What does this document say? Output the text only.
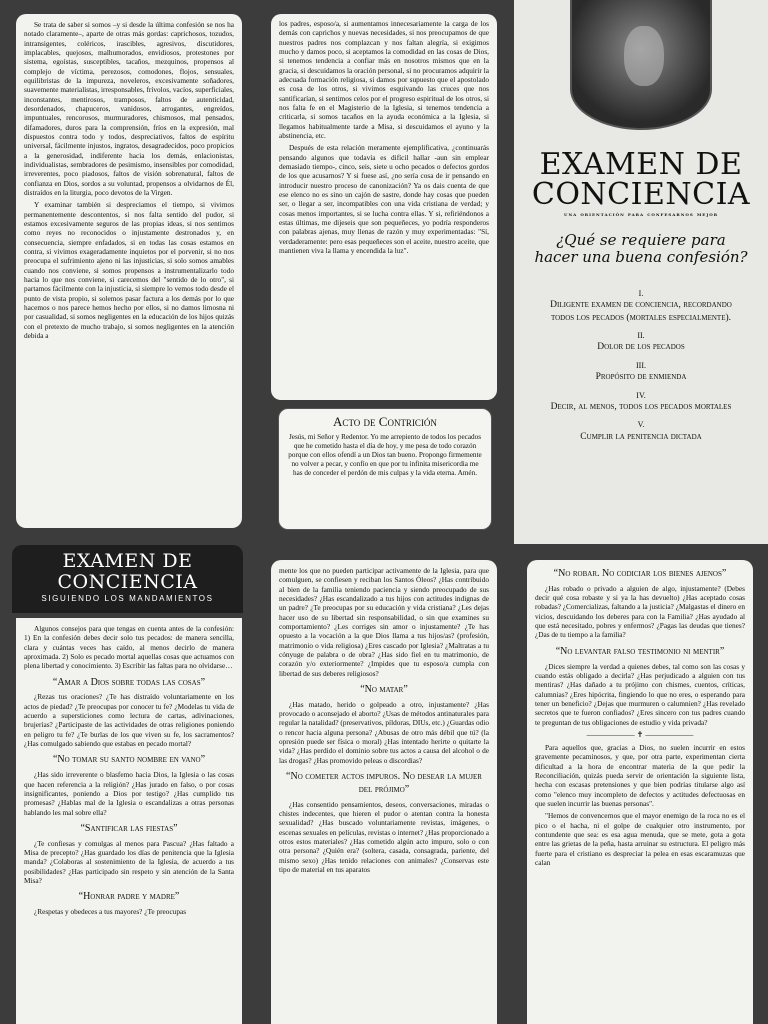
Se trata de saber si somos –y si desde la última confesión se nos ha notado claramente–, aparte de otras más gordas: caprichosos, tozudos, intransigentes, coléricos, irascibles, agresivos, discutidores, implacables, quejosos, malhumorados, envidiosos, protestones por sistema, egoístas, susceptibles, tacaños, mezquinos, propensos al complejo de víctima, perezosos, comodones, flojos, sensuales, equilibristas de la impureza, noveleros, excesivamente soñadores, suavemente materialistas, irresponsables, frívolos, vacíos, superficiales, inconstantes, mentirosos, tramposos, faltos de autenticidad, desordenados, chapuceros, vanidosos, arrogantes, engreídos, impuntuales, rencorosos, murmuradores, chismosos, mal pensados, difamadores, duros para la comprensión, fríos en la expresión, mal dispuestos contra todo y todos, despreciativos, faltos de espíritu universal, fácilmente injustos, ingratos, desagradecidos, poco propicios a la generosidad, indiferente hacia los demás, enlacionistas, individualistas, sembradores de pesimismo, insensibles por comodidad, irreverentes, poco piadosos, faltos de visión sobrenatural, faltos de confianza en Dios, sordos a su voluntad, propensos a olvidarnos de Él, distraídos en la liturgia, poco devotos de la Virgen.

Y examinar también si despreciamos el tiempo, si vivimos permanentemente descontentos, si nos falta sentido del pudor, si estamos excesivamente seguros de las propias ideas, si nos sentimos como reyes no reconocidos o injustamente destronados y, en consecuencia, siempre enfadados, si en todas las cosas estamos en contra, si vivimos exageradamente inquietos por el porvenir, si no nos preocupa el sufrimiento ajeno ni las injusticias, si solo somos amables cuando nos conviene, si somos propensos a instrumentalizarlo todo hacia lo que nos conviene, si carecemos del "sentido de lo otro", si partamos fácilmente con la injusticia, si siempre lo vemos todo desde el punto de vista propio, si solemos pasar factura a los demás por lo que hacemos o nos parece hemos hecho por ellos, si no damos limosna ni por casualidad, si somos negligentes en la educación de los hijos quizás con el pretexto de mucho trabajo, si somos negligentes en la atención debida a

los padres, esposo/a, si aumentamos innecesariamente la carga de los demás con caprichos y nuevas necesidades, si nos preocupamos de que nuestros padres nos complazcan y nos faltan alegría, si exigimos mucho y damos poco, si aceptamos la comodidad en las cosas de Dios, si tenemos tendencia a confiar más en nosotros mismos que en la gracia, si descuidamos la oración personal, si no procuramos adquirir la adecuada formación religiosa, si damos por supuesto que el apostolado es cosa de los otros, si vivimos esquivando las cruces que nos santificarían, si sentimos celos por el progreso espiritual de los otros, si nos falta fe en el Magisterio de la Iglesia, si tenemos tendencia a criticarla, si somos tacaños en la ayuda económica a la Iglesia, si llegamos habitualmente tarde a Misa, si descuidamos el ayuno y la abstinencia, etc.

Después de esta relación meramente ejemplificativa, ¿continuarás pensando algunos que todavía es difícil hallar -aun sin emplear demasiado tiempo-, cinco, seis, siete u ocho pecados o defectos gordos de los que acusarnos? Y si fuese así, ¿no sería cosa de ir pensando en introducir nuestro proceso de canonización? Ya os dais cuenta de que ese elenco no es sino un cajón de sastre, donde hay cosas que pueden ser, o llegar a ser, incompatibles con una vida cristiana de verdad; y cosas menos importantes, si se lucha contra ellas. Y si, refiriéndonos a estas últimas, me dijeseis que son pequeñeces, yo podría responderos con palabras ajenas, muy llenas de razón y muy experimentadas: "Sí, verdaderamente: pero esas pequeñeces son el aceite, nuestro aceite, que mantienen viva la llama y encendida la luz".

Acto de Contrición

Jesús, mi Señor y Redentor. Yo me arrepiento de todos los pecados que he cometido hasta el día de hoy, y me pesa de todo corazón porque con ellos ofendí a un Dios tan bueno. Propongo firmemente no volver a pecar, y confío en que por tu infinita misericordia me has de conceder el perdón de mis culpas y la vida eterna. Amén.

EXAMEN DE
CONCIENCIA
una orientación para confesarnos mejor
¿Qué se requiere para hacer una buena confesión?
I.
Diligente examen de conciencia, recordando todos los pecados (mortales especialmente).
II.
Dolor de los pecados
III.
Propósito de enmienda
IV.
Decir, al menos, todos los pecados mortales
V.
Cumplir la penitencia dictada
EXAMEN DE
CONCIENCIA
SIGUIENDO LOS MANDAMIENTOS

Algunos consejos para que tengas en cuenta antes de la confesión: 1) En la confesión debes decir solo tus pecados: de manera sencilla, clara y cuántas veces has caído, al menos decirlo de manera aproximada. 2) Solo es pecado mortal aquellas cosas que actuamos con plena libertad y conocimiento. 3) Escribir las faltas para no olvidarse…

“Amar a Dios sobre todas las cosas”

¿Rezas tus oraciones? ¿Te has distraído voluntariamente en los actos de piedad? ¿Te preocupas por conocer tu fe? ¿Modelas tu vida de acuerdo a supersticiones como lectura de cartas, adivinaciones, brujerías? ¿Participaste de las actividades de otras religiones poniendo en peligro tu fe? ¿Te burlas de los que viven su fe, los sacramentos? ¿Has comulgado sabiendo que estabas en pecado mortal?

“No tomar su santo nombre en vano”

¿Has sido irreverente o blasfemo hacia Dios, la Iglesia o las cosas que hacen referencia a la religión? ¿Has jurado en falso, o por cosas insignificantes, poniendo a Dios por testigo? ¿Has cumplido tus promesas? ¿Hablas mal de la Iglesia o escandalizas a otras personas hablando les mal sobre ella?

“Santificar las fiestas”

¿Te confiesas y comulgas al menos para Pascua? ¿Has faltado a Misa de precepto? ¿Has guardado los días de penitencia que la Iglesia manda? ¿Colaboras al sostenimiento de la Iglesia, de acuerdo a tus posibilidades? ¿Has participado sin respeto y sin atención de la Santa Misa?

“Honrar padre y madre”

¿Respetas y obedeces a tus mayores? ¿Te preocupas

mente los que no pueden participar activamente de la Iglesia, para que comulguen, se confiesen y reciban los Santos Óleos? ¿Has contribuido al bien de la familia teniendo paciencia y siendo preocupado de sus necesidades? ¿Has escandalizado a tus hijos con actitudes indignas de un padre? ¿Te preocupas por su educación y vida cristiana? ¿Les dejas hacer uso de su libertad sin responsabilidad, o sin que examines su comportamiento? ¿Les corriges sin amor o injustamente? ¿Te has opuesto a la vocación a la que Dios llama a tus hijos/as? (profesión, matrimonio o vida religiosa) ¿Eres cascado por Iglesia? ¿Maltratas a tu cónyuge de palabra o de obra? ¿Has sido fiel en tu matrimonio, de corazón y/o exteriormente? ¿Impides que tu esposo/a cumpla con libertad de sus deberes religiosos?

“No matar”

¿Has matado, herido o golpeado a otro, injustamente? ¿Has provocado o aconsejado el aborto? ¿Usas de métodos antinaturales para regular la natalidad? (preservativos, píldoras, DIUs, etc.) ¿Guardas odio o rencor hacia alguna persona? ¿Abusas de otro más débil que tú? (la opresión puede ser física o moral) ¿Has intentado herirte o quitarte la vida? ¿Has perdido el dominio sobre tus actos a causa del alcohol o de las drogas? ¿Has promovido peleas o discordias?

“No cometer actos impuros. No desear la mujer del prójimo”

¿Has consentido pensamientos, deseos, conversaciones, miradas o chistes indecentes, que hieren el pudor o atentan contra la honesta sexualidad? ¿Has buscado voluntariamente revistas, imágenes, o escenas sexuales en películas, revistas o internet? ¿Has proporcionado a otros estos materiales? ¿Has cometido algún acto impuro, solo o con otra persona? ¿Quién era? (soltera, casada, consagrada, pariente, del mismo sexo) ¿Has tenido relaciones con animales? ¿Conservas este tipo de material en tus aparatos

“No robar. No codiciar los bienes ajenos”

¿Has robado o privado a alguien de algo, injustamente? (Debes decir qué cosa robaste y si ya la has devuelto) ¿Has aceptado cosas robadas? ¿Comercializas, faltando a la justicia? ¿Malgastas el dinero en vicios, descuidando los deberes para con la Familia? ¿Has ayudado al que está necesitado, pobres y enfermos? ¿Pagas las deudas que tienes? ¿Das de tu tiempo a la familia?

“No levantar falso testimonio ni mentir”

¿Dices siempre la verdad a quienes debes, tal como son las cosas y cuando estás obligado a decirla? ¿Has perjudicado a alguien con tus mentiras? ¿Has dañado a tu prójimo con chismes, cuentos, críticas, calumnias? ¿Eres hipócrita, fingiendo lo que no eres, o esperando para tener un beneficio? ¿Dejas que murmuren o calumnien? ¿Has revelado secretos que te fueron confiados? ¿Eres sincero con tus padres cuando te preguntan de tus obligaciones de estudio y vida privada?

—————— ✝ ——————

Para aquellos que, gracias a Dios, no suelen incurrir en estos gravemente pecaminosos, y que, por otra parte, experimentan cierta dificultad a la hora de encontrar materia de la que pedir la Reconciliación, quizás pueda servir de orientación la siguiente lista, hecha con escasas pretensiones y que bien podrías titularse algo así como "elenco muy incompleto de defectos y actitudes defectuosas en que suelen incurrir las buenas personas".

"Hemos de convencernos que el mayor enemigo de la roca no es el pico o el hacha, ni el golpe de cualquier otro instrumento, por contundente que sea: es esa agua menuda, que se mete, gota a gota entre las grietas de la peña, hasta arruinar su estructura. El peligro más fuerte para el cristiano es despreciar la pelea en esas escaramuzas que calan
